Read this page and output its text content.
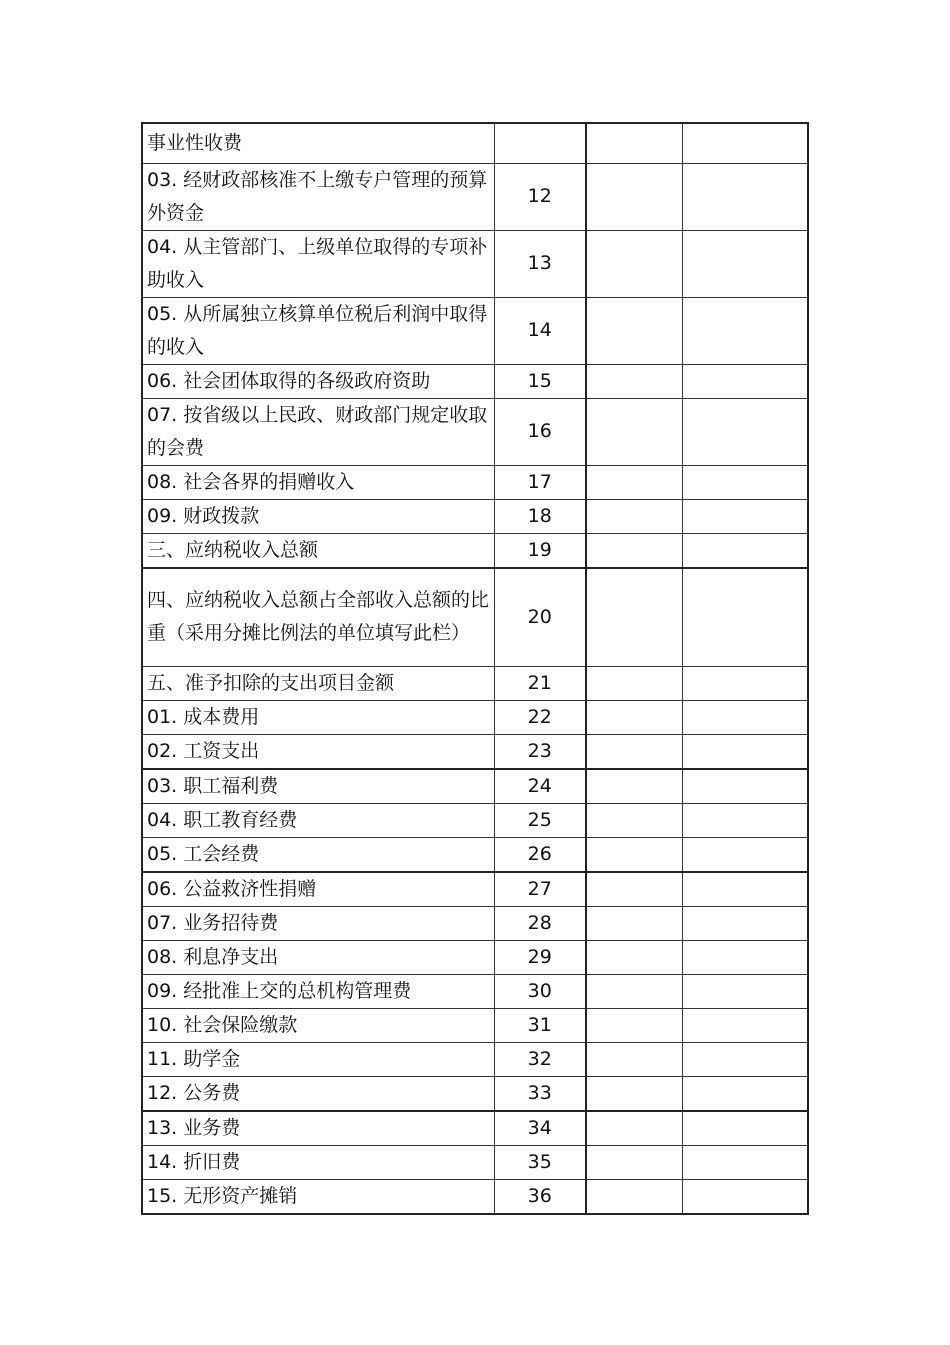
事业性收费			
03. 经财政部核准不上缴专户管理的预算外资金	12		
04. 从主管部门、上级单位取得的专项补助收入	13		
05. 从所属独立核算单位税后利润中取得的收入	14		
06. 社会团体取得的各级政府资助	15		
07. 按省级以上民政、财政部门规定收取的会费	16		
08. 社会各界的捐赠收入	17		
09. 财政拨款	18		
三、应纳税收入总额	19		
四、应纳税收入总额占全部收入总额的比重（采用分摊比例法的单位填写此栏）	20		
五、准予扣除的支出项目金额	21		
01. 成本费用	22		
02. 工资支出	23		
03. 职工福利费	24		
04. 职工教育经费	25		
05. 工会经费	26		
06. 公益救济性捐赠	27		
07. 业务招待费	28		
08. 利息净支出	29		
09. 经批准上交的总机构管理费	30		
10. 社会保险缴款	31		
11. 助学金	32		
12. 公务费	33		
13. 业务费	34		
14. 折旧费	35		
15. 无形资产摊销	36		
